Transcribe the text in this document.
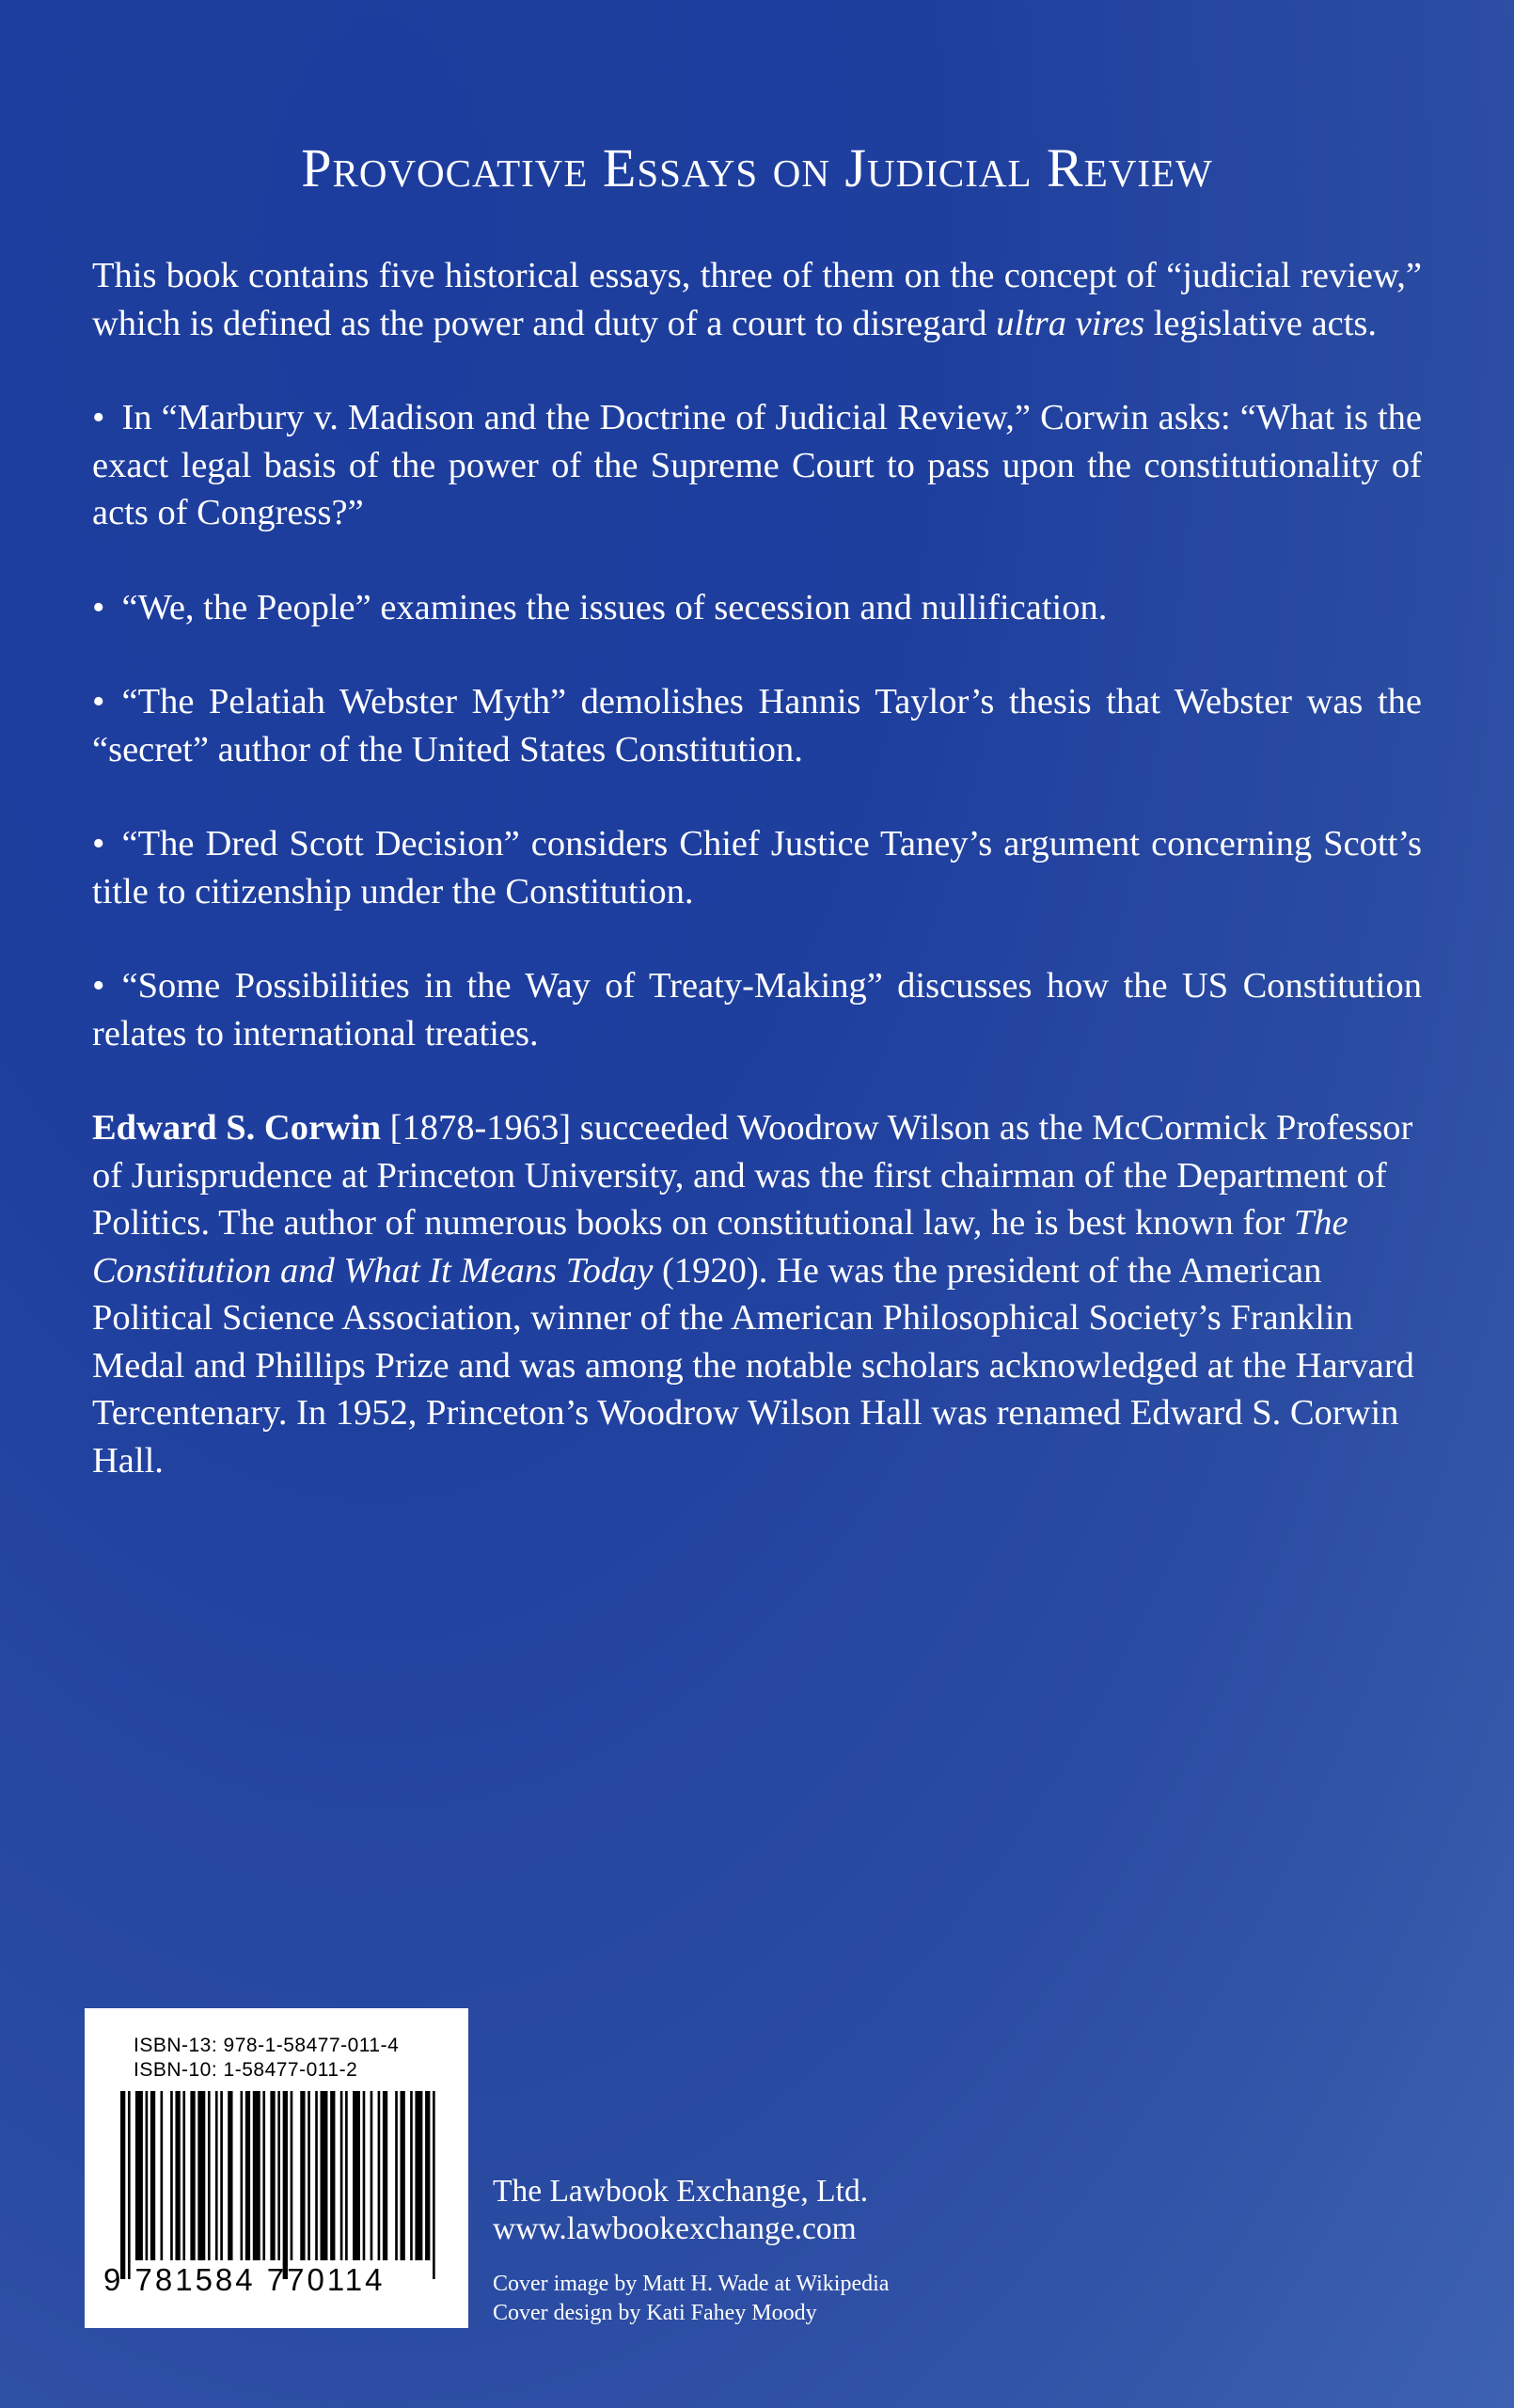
Provocative Essays on Judicial Review

This book contains five historical essays, three of them on the concept of “judicial review,” which is defined as the power and duty of a court to disregard ultra vires legislative acts.

• In “Marbury v. Madison and the Doctrine of Judicial Review,” Corwin asks: “What is the exact legal basis of the power of the Supreme Court to pass upon the constitutionality of acts of Congress?”

• “We, the People” examines the issues of secession and nullification.

• “The Pelatiah Webster Myth” demolishes Hannis Taylor’s thesis that Webster was the “secret” author of the United States Constitution.

• “The Dred Scott Decision” considers Chief Justice Taney’s argument concerning Scott’s title to citizenship under the Constitution.

• “Some Possibilities in the Way of Treaty-Making” discusses how the US Constitution relates to international treaties.

Edward S. Corwin [1878-1963] succeeded Woodrow Wilson as the McCormick Professor of Jurisprudence at Princeton University, and was the first chairman of the Department of Politics. The author of numerous books on constitutional law, he is best known for The Constitution and What It Means Today (1920). He was the president of the American Political Science Association, winner of the American Philosophical Society’s Franklin Medal and Phillips Prize and was among the notable scholars acknowledged at the Harvard Tercentenary. In 1952, Princeton’s Woodrow Wilson Hall was renamed Edward S. Corwin Hall.

ISBN-13: 978-1-58477-011-4
ISBN-10: 1-58477-011-2
9 781584 770114
The Lawbook Exchange, Ltd.
www.lawbookexchange.com
Cover image by Matt H. Wade at Wikipedia
Cover design by Kati Fahey Moody
